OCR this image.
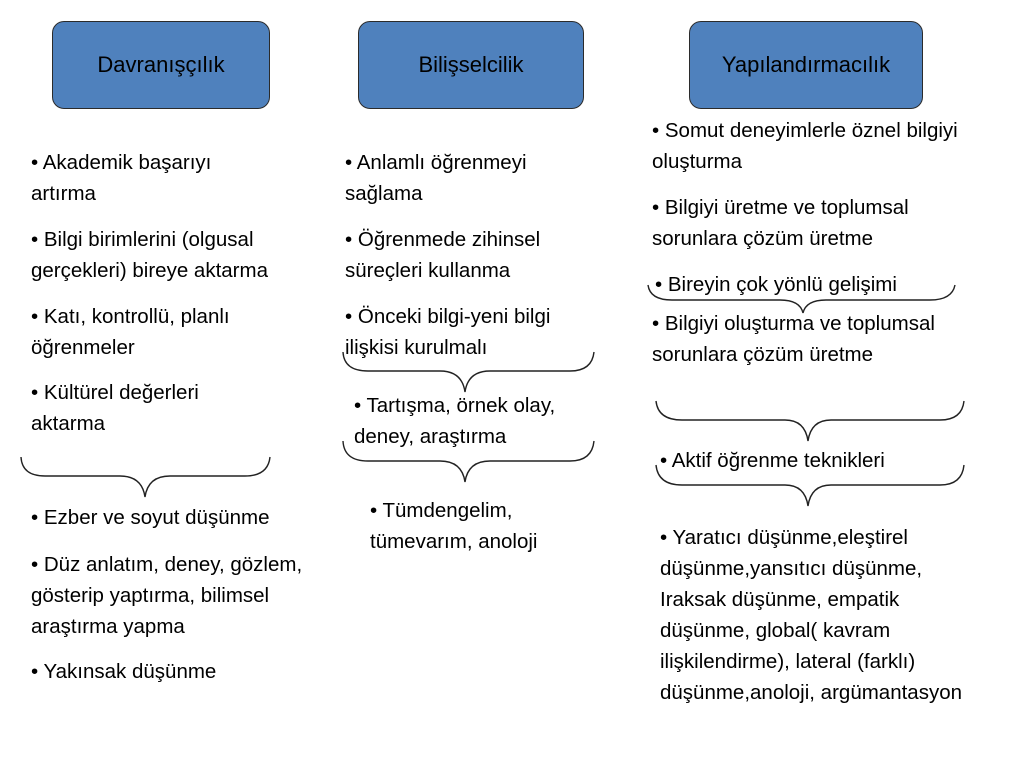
Davranışçılık	Bilişselcilik	Yapılandırmacılık

• Akademik başarıyı artırma

• Bilgi birimlerini (olgusal gerçekleri) bireye aktarma

• Katı, kontrollü, planlı öğrenmeler

• Kültürel değerleri aktarma

• Ezber ve soyut düşünme

• Düz anlatım, deney, gözlem, gösterip yaptırma, bilimsel araştırma yapma

• Yakınsak düşünme

• Anlamlı öğrenmeyi sağlama

• Öğrenmede zihinsel süreçleri kullanma

• Önceki bilgi-yeni bilgi ilişkisi kurulmalı

• Tartışma, örnek olay, deney, araştırma

• Tümdengelim, tümevarım, anoloji

• Somut deneyimlerle öznel bilgiyi oluşturma

• Bilgiyi üretme ve toplumsal sorunlara çözüm üretme

• Bireyin çok yönlü gelişimi

• Bilgiyi oluşturma ve toplumsal sorunlara çözüm üretme

• Aktif öğrenme teknikleri

• Yaratıcı düşünme,eleştirel düşünme,yansıtıcı düşünme, Iraksak düşünme, empatik düşünme, global( kavram ilişkilendirme), lateral (farklı) düşünme,anoloji, argümantasyon
